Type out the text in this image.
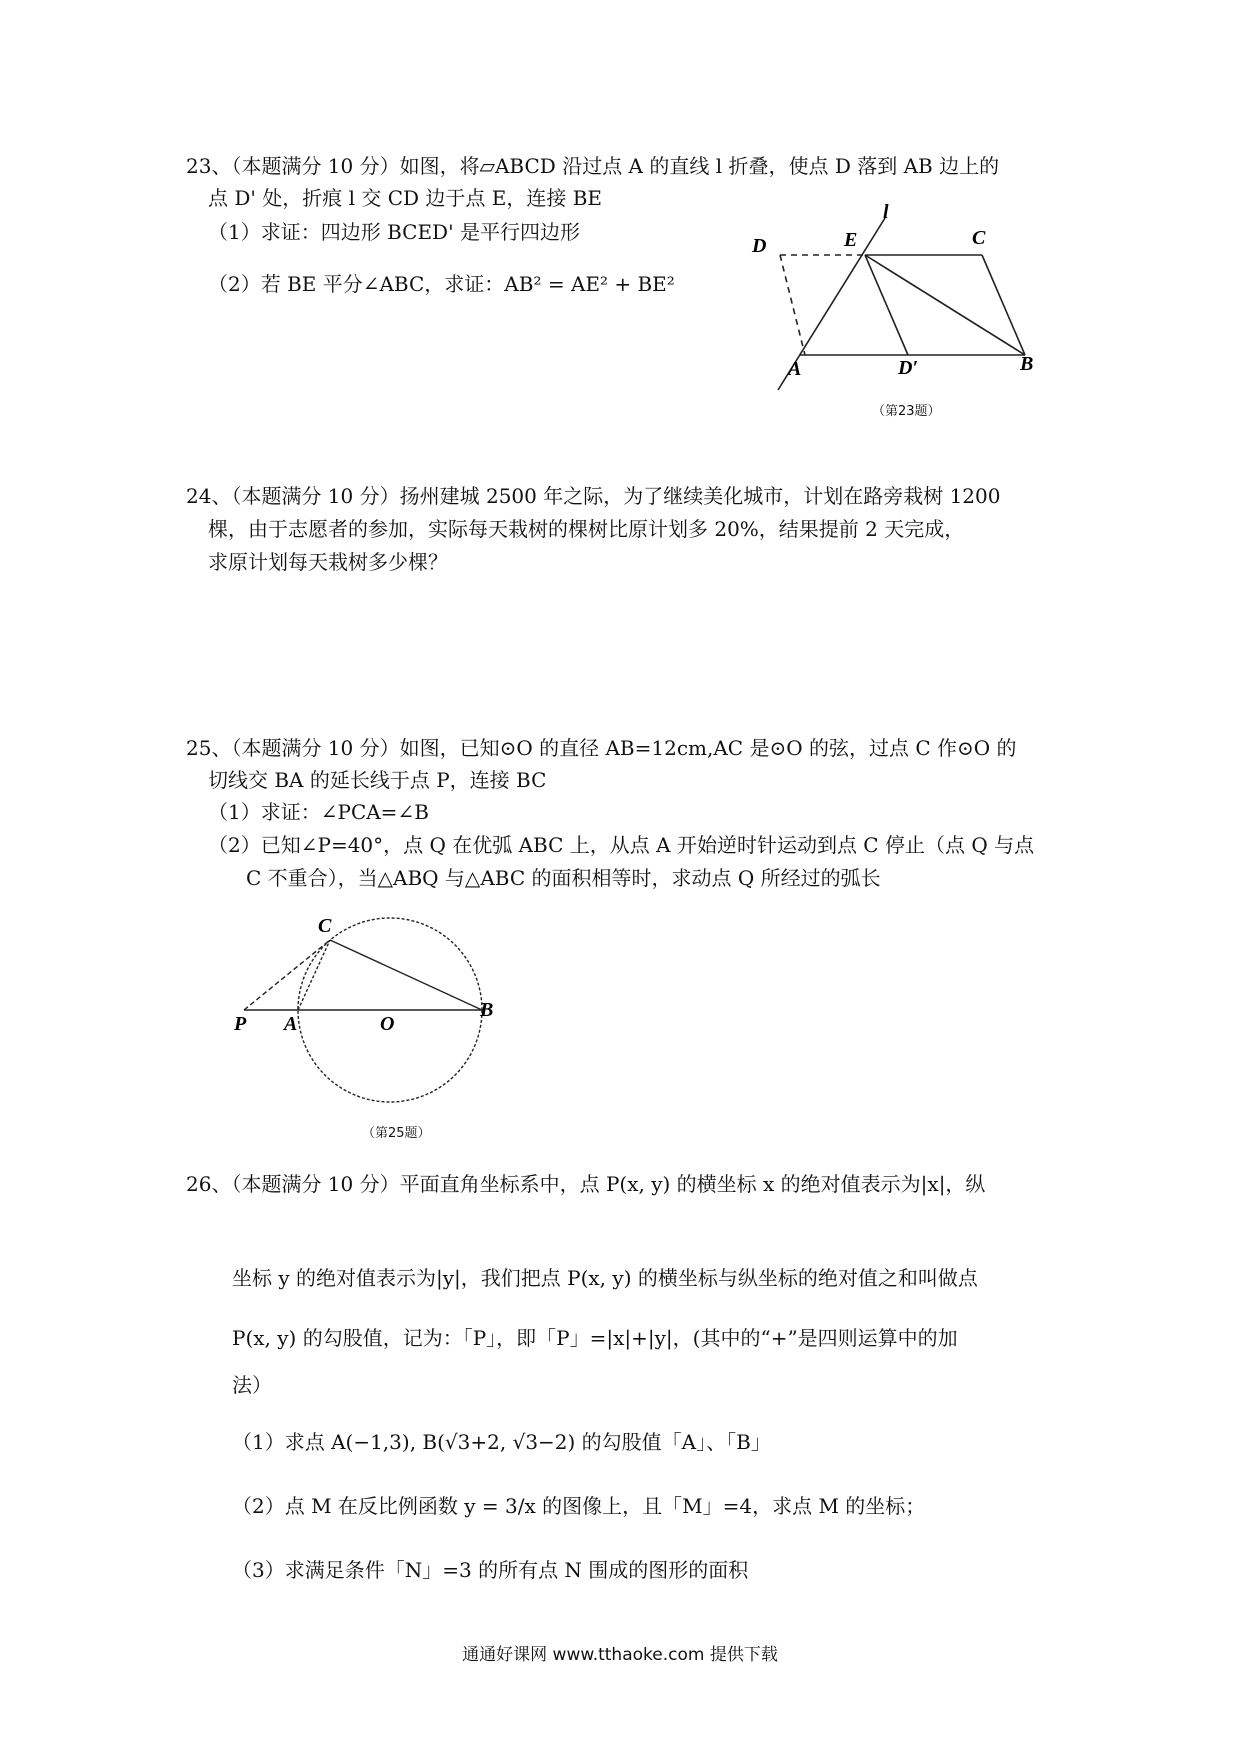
23、（本题满分 10 分）如图，将▱ABCD 沿过点 A 的直线 l 折叠，使点 D 落到 AB 边上的
点 D' 处，折痕 l 交 CD 边于点 E，连接 BE
（1）求证：四边形 BCED' 是平行四边形
（2）若 BE 平分∠ABC，求证：AB² = AE² + BE²
D	E
l
C
A	D′	B
（第23题）
24、（本题满分 10 分）扬州建城 2500 年之际，为了继续美化城市，计划在路旁栽树 1200
棵，由于志愿者的参加，实际每天栽树的棵树比原计划多 20%，结果提前 2 天完成，
求原计划每天栽树多少棵？
25、（本题满分 10 分）如图，已知⊙O 的直径 AB=12cm,AC 是⊙O 的弦，过点 C 作⊙O 的
切线交 BA 的延长线于点 P，连接 BC
（1）求证：∠PCA=∠B
（2）已知∠P=40°，点 Q 在优弧 ABC 上，从点 A 开始逆时针运动到点 C 停止（点 Q 与点
C 不重合），当△ABQ 与△ABC 的面积相等时，求动点 Q 所经过的弧长
C
P A	O
B
（第25题）
26、（本题满分 10 分）平面直角坐标系中，点 P(x, y) 的横坐标 x 的绝对值表示为|x|，纵
坐标 y 的绝对值表示为|y|，我们把点 P(x, y) 的横坐标与纵坐标的绝对值之和叫做点
P(x, y) 的勾股值，记为：「P」，即「P」=|x|+|y|，(其中的“+”是四则运算中的加
法）
（1）求点 A(−1,3), B(√3+2, √3−2) 的勾股值「A」、「B」
（2）点 M 在反比例函数 y = 3/x 的图像上，且「M」=4，求点 M 的坐标；
（3）求满足条件「N」=3 的所有点 N 围成的图形的面积
通通好课网 www.tthaoke.com 提供下载
